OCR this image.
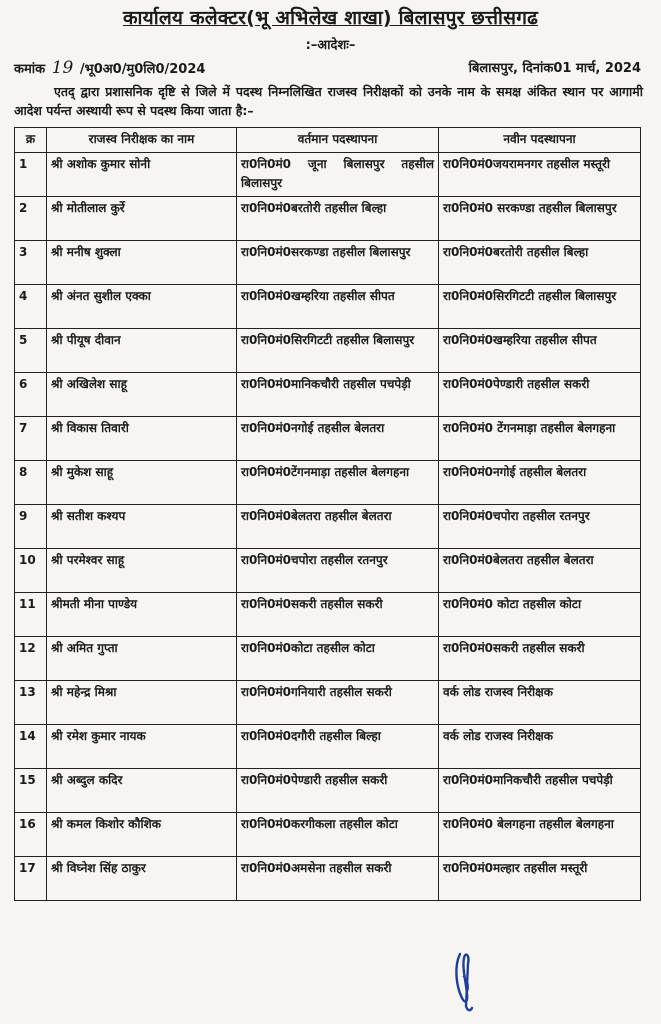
कार्यालय कलेक्टर(भू अभिलेख शाखा) बिलासपुर छत्तीसगढ
:–आदेशः–
कमांक 19 /भू0अ0/मु0लि0/2024	बिलासपुर, दिनांक01 मार्च, 2024
एतद् द्वारा प्रशासनिक दृष्टि से जिले में पदस्थ निम्नलिखित राजस्व निरीक्षकों को उनके नाम के समक्ष अंकित स्थान पर आगामी आदेश पर्यन्त अस्थायी रूप से पदस्थ किया जाता है:–
क्र	राजस्व निरीक्षक का नाम	वर्तमान पदस्थापना	नवीन पदस्थापना
1	श्री अशोक कुमार सोनी	रा0नि0मं0 जूना बिलासपुर तहसील बिलासपुर	रा0नि0मं0जयरामनगर तहसील मस्तूरी
2	श्री मोतीलाल कुर्रे	रा0नि0मं0बरतोरी तहसील बिल्हा	रा0नि0मं0 सरकण्डा तहसील बिलासपुर
3	श्री मनीष शुक्ला	रा0नि0मं0सरकण्डा तहसील बिलासपुर	रा0नि0मं0बरतोरी तहसील बिल्हा
4	श्री अंनत सुशील एक्का	रा0नि0मं0खम्हरिया तहसील सीपत	रा0नि0मं0सिरगिटटी तहसील बिलासपुर
5	श्री पीयूष दीवान	रा0नि0मं0सिरगिटटी तहसील बिलासपुर	रा0नि0मं0खम्हरिया तहसील सीपत
6	श्री अखिलेश साहू	रा0नि0मं0मानिकचौरी तहसील पचपेड़ी	रा0नि0मं0पेण्डारी तहसील सकरी
7	श्री विकास तिवारी	रा0नि0मं0नगोई तहसील बेलतरा	रा0नि0मं0 टेंगनमाड़ा तहसील बेलगहना
8	श्री मुकेश साहू	रा0नि0मं0टेंगनमाड़ा तहसील बेलगहना	रा0नि0मं0नगोई तहसील बेलतरा
9	श्री सतीश कश्यप	रा0नि0मं0बेलतरा तहसील बेलतरा	रा0नि0मं0चपोरा तहसील रतनपुर
10	श्री परमेश्वर साहू	रा0नि0मं0चपोरा तहसील रतनपुर	रा0नि0मं0बेलतरा तहसील बेलतरा
11	श्रीमती मीना पाण्डेय	रा0नि0मं0सकरी तहसील सकरी	रा0नि0मं0 कोटा तहसील कोटा
12	श्री अमित गुप्ता	रा0नि0मं0कोटा तहसील कोटा	रा0नि0मं0सकरी तहसील सकरी
13	श्री महेन्द्र मिश्रा	रा0नि0मं0गनियारी तहसील सकरी	वर्क लोड राजस्व निरीक्षक
14	श्री रमेश कुमार नायक	रा0नि0मं0दगौरी तहसील बिल्हा	वर्क लोड राजस्व निरीक्षक
15	श्री अब्दुल कदिर	रा0नि0मं0पेण्डारी तहसील सकरी	रा0नि0मं0मानिकचौरी तहसील पचपेड़ी
16	श्री कमल किशोर कौशिक	रा0नि0मं0करगीकला तहसील कोटा	रा0नि0मं0 बेलगहना तहसील बेलगहना
17	श्री विघ्नेश सिंह ठाकुर	रा0नि0मं0अमसेना तहसील सकरी	रा0नि0मं0मल्हार तहसील मस्तूरी
